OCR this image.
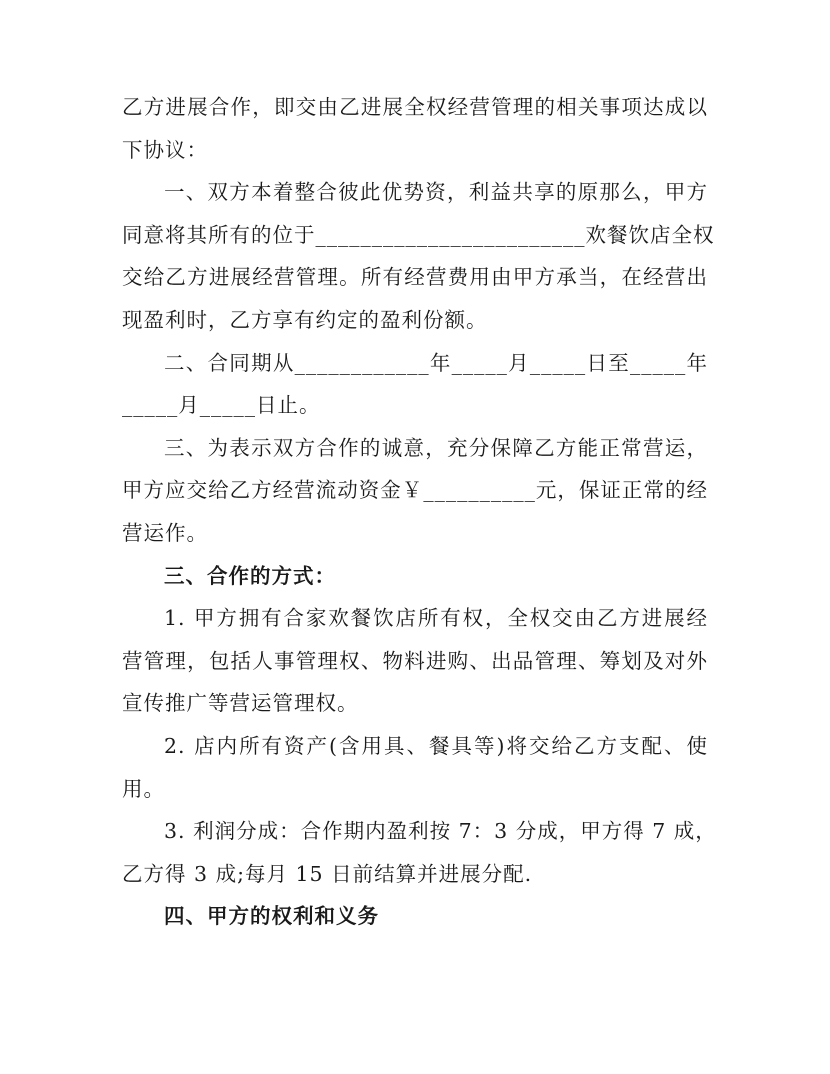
乙方进展合作，即交由乙进展全权经营管理的相关事项达成以
下协议：
一、双方本着整合彼此优势资，利益共享的原那么，甲方
同意将其所有的位于________________________欢餐饮店全权
交给乙方进展经营管理。所有经营费用由甲方承当，在经营出
现盈利时，乙方享有约定的盈利份额。
二、合同期从____________年_____月_____日至_____年
_____月_____日止。
三、为表示双方合作的诚意，充分保障乙方能正常营运，
甲方应交给乙方经营流动资金￥__________元，保证正常的经
营运作。
三、合作的方式：
1. 甲方拥有合家欢餐饮店所有权，全权交由乙方进展经
营管理，包括人事管理权、物料进购、出品管理、筹划及对外
宣传推广等营运管理权。
2. 店内所有资产(含用具、餐具等)将交给乙方支配、使
用。
3. 利润分成：合作期内盈利按 7：3 分成，甲方得 7 成，
乙方得 3 成;每月 15 日前结算并进展分配.
四、甲方的权利和义务
